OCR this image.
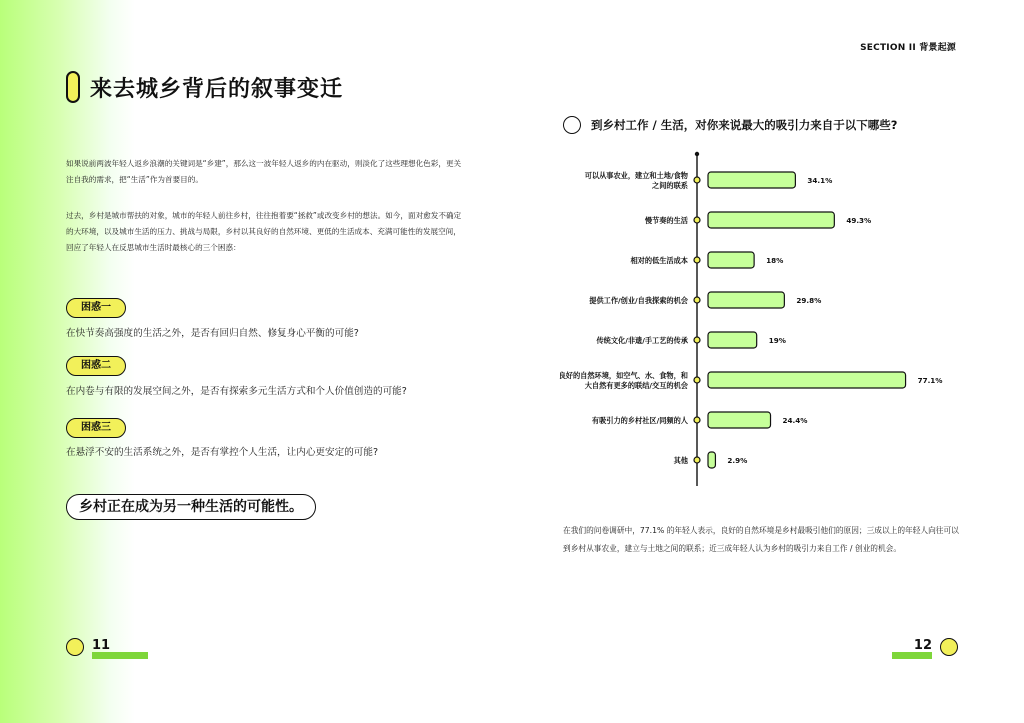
SECTION II 背景起源
来去城乡背后的叙事变迁
如果说前两波年轻人返乡浪潮的关键词是“乡建”，那么这一波年轻人返乡的内在驱动，则淡化了这些理想化色彩，更关注自我的需求，把“生活”作为首要目的。
过去，乡村是城市帮扶的对象，城市的年轻人前往乡村，往往抱着要“拯救”或改变乡村的想法。如今，面对愈发不确定的大环境，以及城市生活的压力、挑战与局限，乡村以其良好的自然环境、更低的生活成本、充满可能性的发展空间，回应了年轻人在反思城市生活时最核心的三个困惑：
困惑一
在快节奏高强度的生活之外，是否有回归自然、修复身心平衡的可能?
困惑二
在内卷与有限的发展空间之外，是否有探索多元生活方式和个人价值创造的可能?
困惑三
在悬浮不安的生活系统之外，是否有掌控个人生活，让内心更安定的可能?
乡村正在成为另一种生活的可能性。
11	12
到乡村工作 / 生活，对你来说最大的吸引力来自于以下哪些?
可以从事农业，建立和土地/食物
之间的联系
34.1%
慢节奏的生活	49.3%
相对的低生活成本	18%
提供工作/创业/自我探索的机会	29.8%
传统文化/非遗/手工艺的传承	19%
良好的自然环境，如空气、水、食物，和
大自然有更多的联结/交互的机会
77.1%
有吸引力的乡村社区/同频的人	24.4%
其他	2.9%
在我们的问卷调研中，77.1% 的年轻人表示，良好的自然环境是乡村最吸引他们的原因；三成以上的年轻人向往可以到乡村从事农业，建立与土地之间的联系；近三成年轻人认为乡村的吸引力来自工作 / 创业的机会。
